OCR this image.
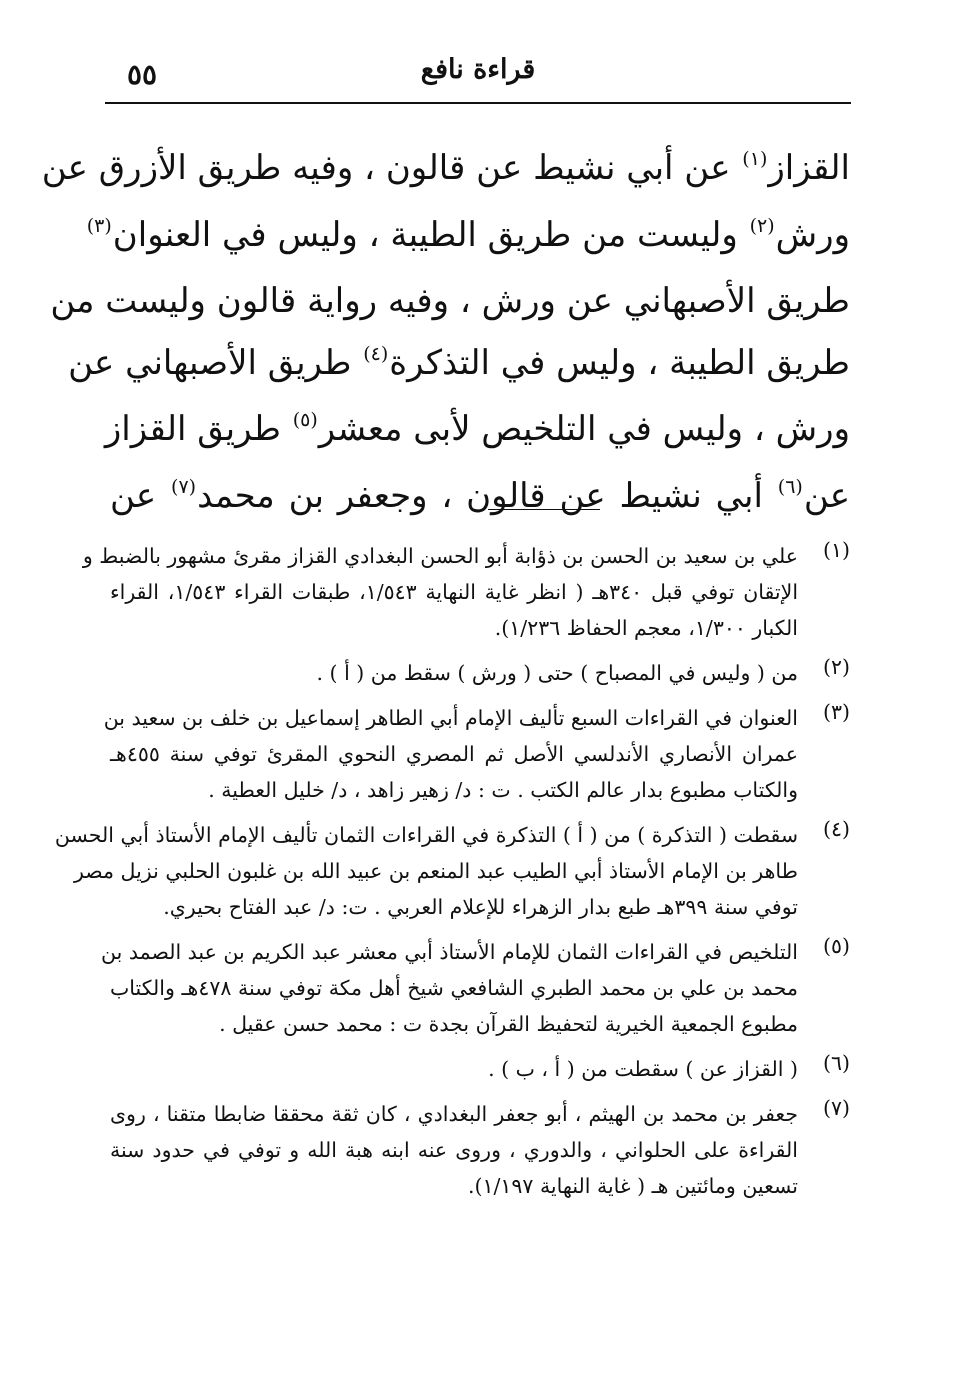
٥٥	قراءة نافع
القزاز$^{(١)}$ عن أبي نشيط عن قالون ، وفيه طريق الأزرق عن
ورش$^{(٢)}$ وليست من طريق الطيبة ، وليس في العنوان$^{(٣)}$
طريق الأصبهاني عن ورش ، وفيه رواية قالون وليست من
طريق الطيبة ، وليس في التذكرة$^{(٤)}$ طريق الأصبهاني عن
ورش ، وليس في التلخيص لأبى معشر$^{(٥)}$ طريق القزاز
عن$^{(٦)}$ أبي نشيط عن قالون ، وجعفر بن محمد$^{(٧)}$ عن
(١)
علي بن سعيد بن الحسن بن ذؤابة أبو الحسن البغدادي القزاز مقرئ مشهور بالضبط و
الإتقان توفي قبل ٣٤٠هـ ( انظر غاية النهاية ١/٥٤٣، طبقات القراء ١/٥٤٣، القراء
الكبار ١/٣٠٠، معجم الحفاظ ١/٢٣٦).
(٢)
من ( وليس في المصباح ) حتى ( ورش ) سقط من ( أ ) .
(٣)
العنوان في القراءات السبع تأليف الإمام أبي الطاهر إسماعيل بن خلف بن سعيد بن
عمران الأنصاري الأندلسي الأصل ثم المصري النحوي المقرئ توفي سنة ٤٥٥هـ
والكتاب مطبوع بدار عالم الكتب . ت : د/ زهير زاهد ، د/ خليل العطية .
(٤)
سقطت ( التذكرة ) من ( أ ) التذكرة في القراءات الثمان تأليف الإمام الأستاذ أبي الحسن
طاهر بن الإمام الأستاذ أبي الطيب عبد المنعم بن عبيد الله بن غلبون الحلبي نزيل مصر
توفي سنة ٣٩٩هـ طبع بدار الزهراء للإعلام العربي . ت: د/ عبد الفتاح بحيري.
(٥)
التلخيص في القراءات الثمان للإمام الأستاذ أبي معشر عبد الكريم بن عبد الصمد بن
محمد بن علي بن محمد الطبري الشافعي شيخ أهل مكة توفي سنة ٤٧٨هـ والكتاب
مطبوع الجمعية الخيرية لتحفيظ القرآن بجدة ت : محمد حسن عقيل .
(٦)
( القزاز عن ) سقطت من ( أ ، ب ) .
(٧)
جعفر بن محمد بن الهيثم ، أبو جعفر البغدادي ، كان ثقة محققا ضابطا متقنا ، روى
القراءة على الحلواني ، والدوري ، وروى عنه ابنه هبة الله و توفي في حدود سنة
تسعين ومائتين هـ ( غاية النهاية ١/١٩٧).
